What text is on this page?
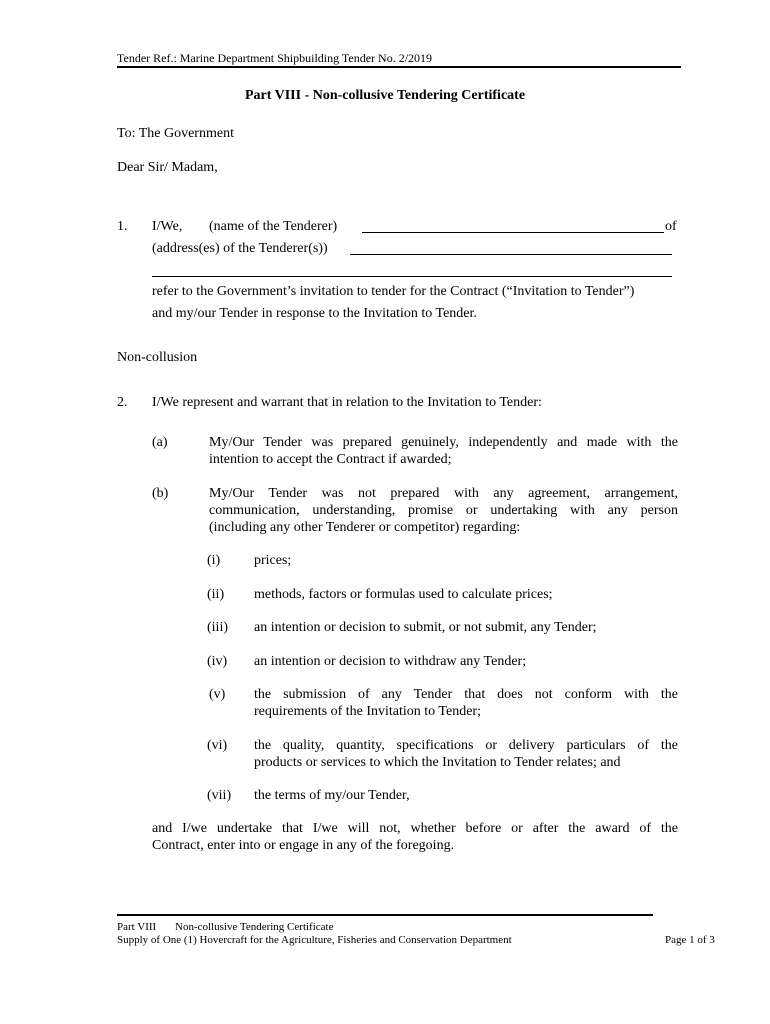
Tender Ref.: Marine Department Shipbuilding Tender No. 2/2019
Part VIII - Non-collusive Tendering Certificate
To: The Government
Dear Sir/ Madam,
1. I/We, (name of the Tenderer)	of
(address(es) of the Tenderer(s))
refer to the Government’s invitation to tender for the Contract (“Invitation to Tender”)
and my/our Tender in response to the Invitation to Tender.
Non-collusion
2. I/We represent and warrant that in relation to the Invitation to Tender:
(a)	My/Our Tender was prepared genuinely, independently and made with the
intention to accept the Contract if awarded;
(b)	My/Our Tender was not prepared with any agreement, arrangement,
communication, understanding, promise or undertaking with any person
(including any other Tenderer or competitor) regarding:
(i) prices;
(ii) methods, factors or formulas used to calculate prices;
(iii) an intention or decision to submit, or not submit, any Tender;
(iv) an intention or decision to withdraw any Tender;
(v) the submission of any Tender that does not conform with the
requirements of the Invitation to Tender;
(vi) the quality, quantity, specifications or delivery particulars of the
products or services to which the Invitation to Tender relates; and
(vii) the terms of my/our Tender,
and I/we undertake that I/we will not, whether before or after the award of the
Contract, enter into or engage in any of the foregoing.
Part VIII Non-collusive Tendering Certificate
Supply of One (1) Hovercraft for the Agriculture, Fisheries and Conservation Department	Page 1 of 3
